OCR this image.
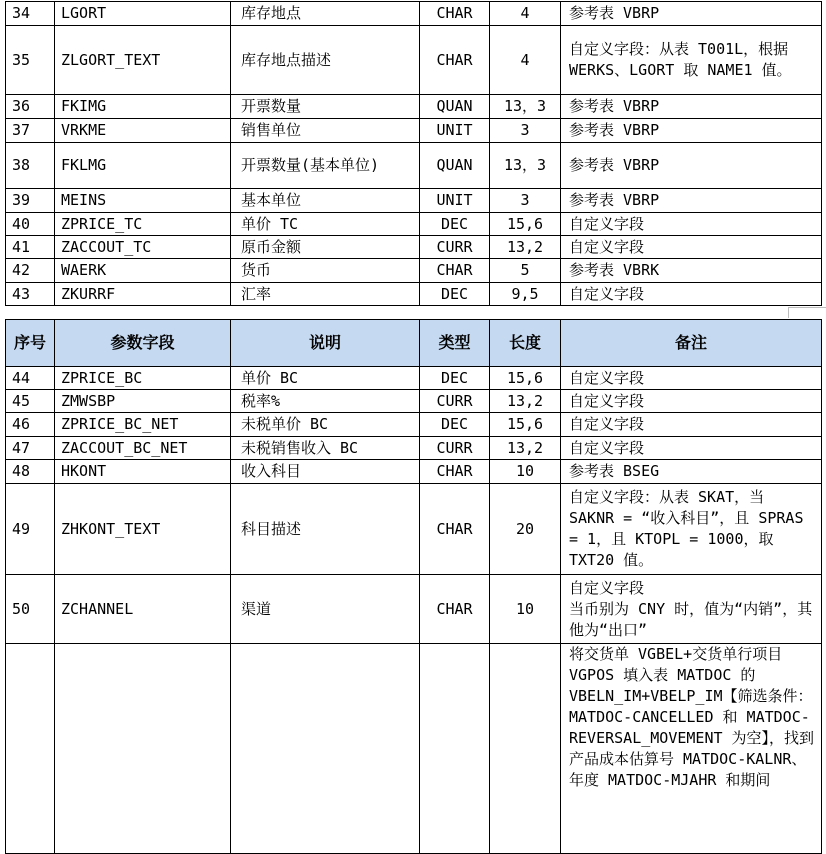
34	LGORT	库存地点	CHAR	4	参考表 VBRP
35	ZLGORT_TEXT	库存地点描述	CHAR	4	自定义字段：从表 T001L，根据 WERKS、LGORT 取 NAME1 值。
36	FKIMG	开票数量	QUAN	13，3	参考表 VBRP
37	VRKME	销售单位	UNIT	3	参考表 VBRP
38	FKLMG	开票数量(基本单位)	QUAN	13，3	参考表 VBRP
39	MEINS	基本单位	UNIT	3	参考表 VBRP
40	ZPRICE_TC	单价 TC	DEC	15,6	自定义字段
41	ZACCOUT_TC	原币金额	CURR	13,2	自定义字段
42	WAERK	货币	CHAR	5	参考表 VBRK
43	ZKURRF	汇率	DEC	9,5	自定义字段
序号	参数字段	说明	类型	长度	备注
44	ZPRICE_BC	单价 BC	DEC	15,6	自定义字段
45	ZMWSBP	税率%	CURR	13,2	自定义字段
46	ZPRICE_BC_NET	未税单价 BC	DEC	15,6	自定义字段
47	ZACCOUT_BC_NET	未税销售收入 BC	CURR	13,2	自定义字段
48	HKONT	收入科目	CHAR	10	参考表 BSEG
49	ZHKONT_TEXT	科目描述	CHAR	20	自定义字段：从表 SKAT，当 SAKNR = “收入科目”，且 SPRAS = 1，且 KTOPL = 1000，取 TXT20 值。
50	ZCHANNEL	渠道	CHAR	10	自定义字段
当币别为 CNY 时，值为“内销”，其他为“出口”

					将交货单 VGBEL+交货单行项目 VGPOS 填入表 MATDOC 的 VBELN_IM+VBELP_IM【筛选条件：MATDOC-CANCELLED 和 MATDOC-REVERSAL_MOVEMENT 为空】，找到产品成本估算号 MATDOC-KALNR、年度 MATDOC-MJAHR 和期间
